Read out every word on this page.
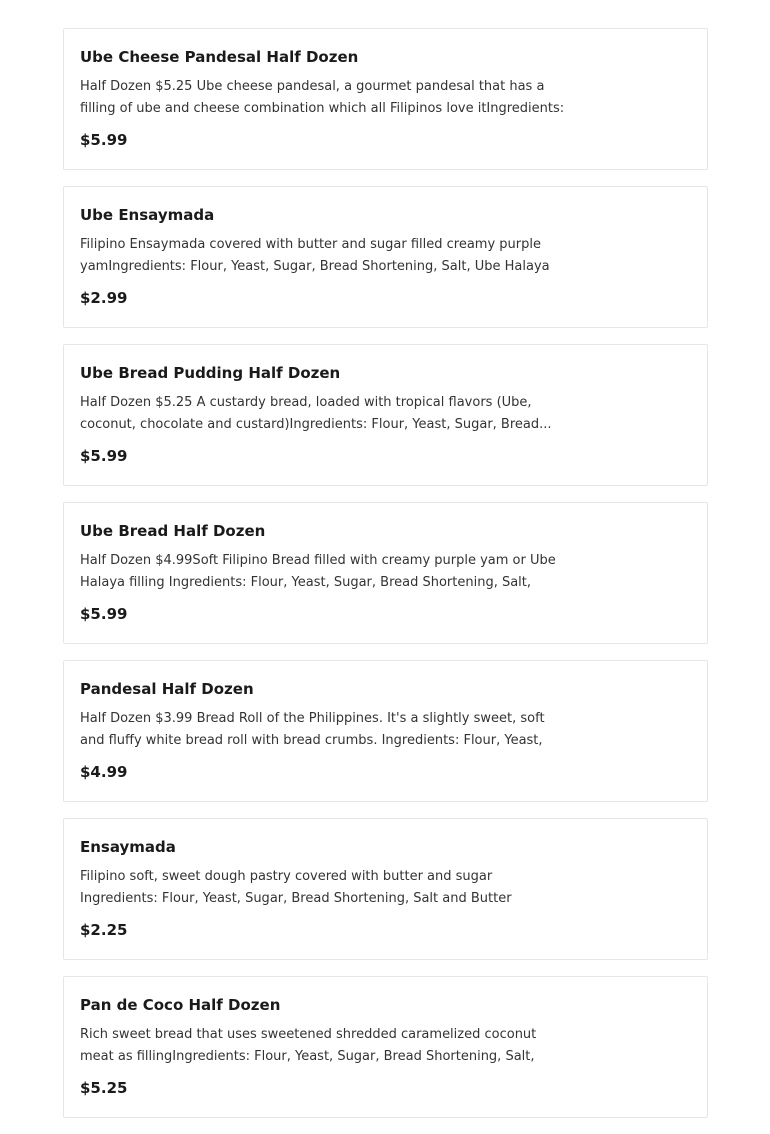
Ube Cheese Pandesal Half Dozen
Half Dozen $5.25 Ube cheese pandesal, a gourmet pandesal that has a filling of ube and cheese combination which all Filipinos love itIngredients:
$5.99
Ube Ensaymada
Filipino Ensaymada covered with butter and sugar filled creamy purple yamIngredients: Flour, Yeast, Sugar, Bread Shortening, Salt, Ube Halaya
$2.99
Ube Bread Pudding Half Dozen
Half Dozen $5.25 A custardy bread, loaded with tropical flavors (Ube, coconut, chocolate and custard)Ingredients: Flour, Yeast, Sugar, Bread...
$5.99
Ube Bread Half Dozen
Half Dozen $4.99Soft Filipino Bread filled with creamy purple yam or Ube Halaya filling Ingredients: Flour, Yeast, Sugar, Bread Shortening, Salt,
$5.99
Pandesal Half Dozen
Half Dozen $3.99 Bread Roll of the Philippines. It's a slightly sweet, soft and fluffy white bread roll with bread crumbs. Ingredients: Flour, Yeast,
$4.99
Ensaymada
Filipino soft, sweet dough pastry covered with butter and sugar Ingredients: Flour, Yeast, Sugar, Bread Shortening, Salt and Butter
$2.25
Pan de Coco Half Dozen
Rich sweet bread that uses sweetened shredded caramelized coconut meat as fillingIngredients: Flour, Yeast, Sugar, Bread Shortening, Salt,
$5.25
